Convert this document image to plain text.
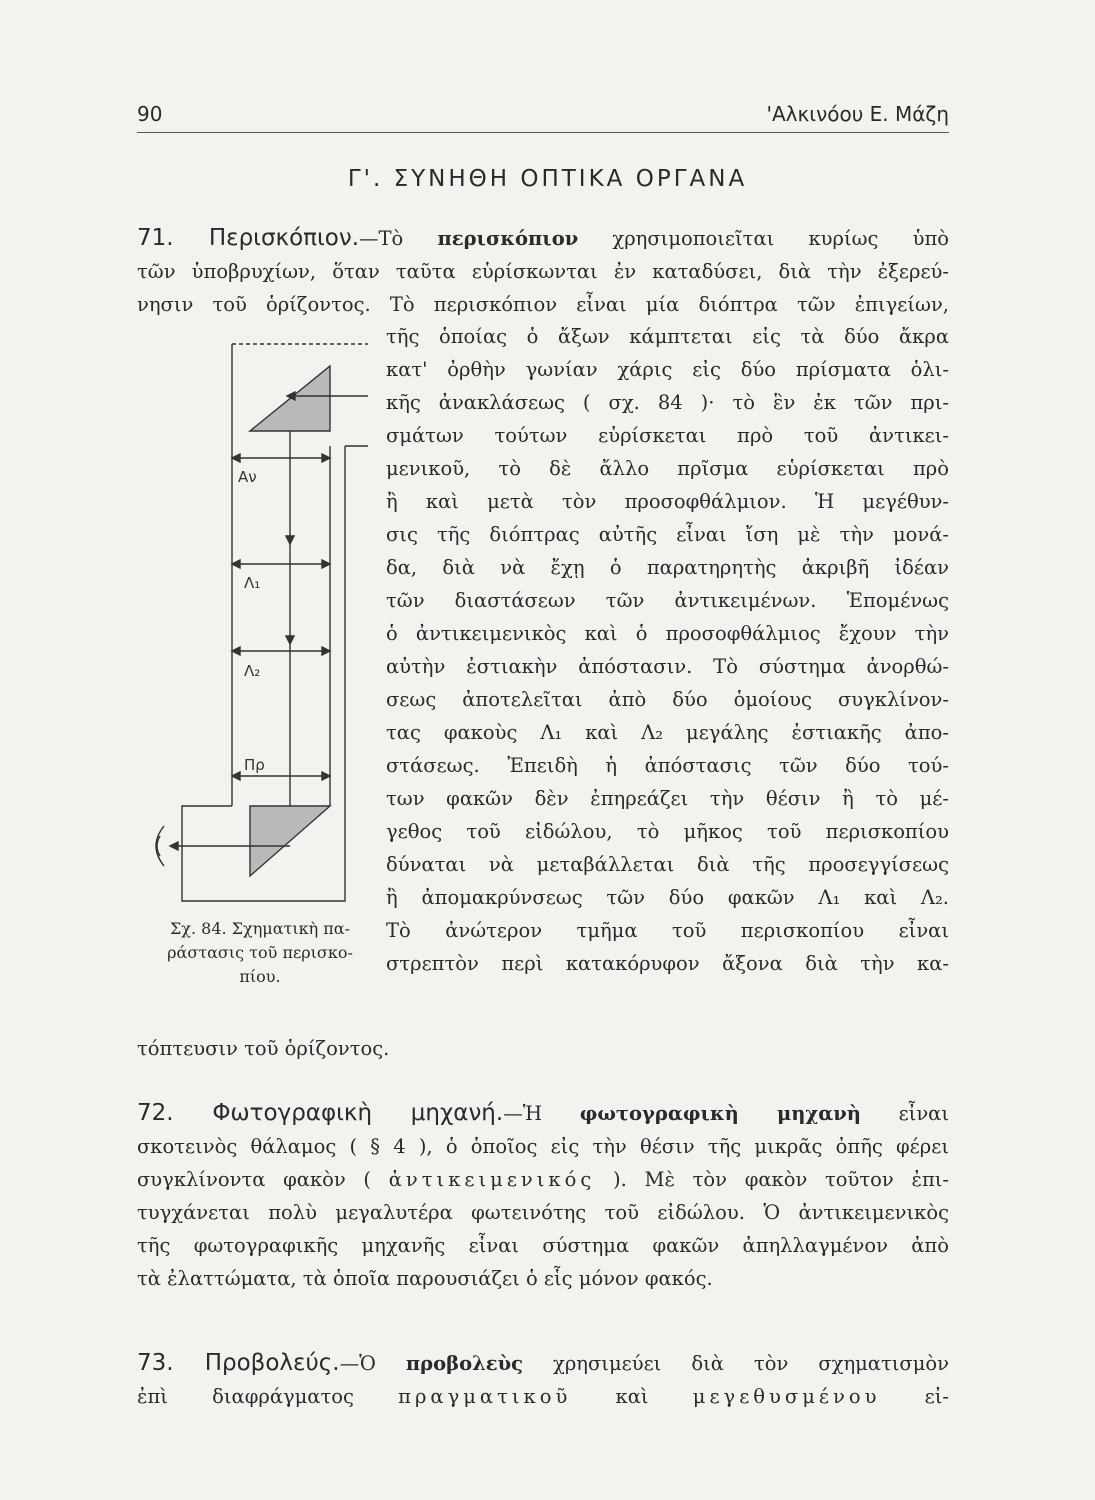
90	'Αλκινόου Ε. Μάζη
Γ'. ΣΥΝΗΘΗ ΟΠΤΙΚΑ ΟΡΓΑΝΑ
71. Περισκόπιον.—Τὸ περισκόπιον χρησιμοποιεῖται κυρίως ὑπὸ
τῶν ὑποβρυχίων, ὅταν ταῦτα εὑρίσκωνται ἐν καταδύσει, διὰ τὴν ἐξερεύ-
νησιν τοῦ ὁρίζοντος. Τὸ περισκόπιον εἶναι μία διόπτρα τῶν ἐπιγείων,
τῆς ὁποίας ὁ ἄξων κάμπτεται εἰς τὰ δύο ἄκρα
κατ' ὀρθὴν γωνίαν χάρις εἰς δύο πρίσματα ὁλι-
κῆς ἀνακλάσεως ( σχ. 84 )· τὸ ἓν ἐκ τῶν πρι-
σμάτων τούτων εὑρίσκεται πρὸ τοῦ ἀντικει-
μενικοῦ, τὸ δὲ ἄλλο πρῖσμα εὑρίσκεται πρὸ
ἢ καὶ μετὰ τὸν προσοφθάλμιον. Ἡ μεγέθυν-
σις τῆς διόπτρας αὐτῆς εἶναι ἴση μὲ τὴν μονά-
δα, διὰ νὰ ἔχῃ ὁ παρατηρητὴς ἀκριβῆ ἰδέαν
τῶν διαστάσεων τῶν ἀντικειμένων. Ἑπομένως
ὁ ἀντικειμενικὸς καὶ ὁ προσοφθάλμιος ἔχουν τὴν
αὐτὴν ἐστιακὴν ἀπόστασιν. Τὸ σύστημα ἀνορθώ-
σεως ἀποτελεῖται ἀπὸ δύο ὁμοίους συγκλίνον-
τας φακοὺς Λ₁ καὶ Λ₂ μεγάλης ἐστιακῆς ἀπο-
στάσεως. Ἐπειδὴ ἡ ἀπόστασις τῶν δύο τού-
των φακῶν δὲν ἐπηρεάζει τὴν θέσιν ἢ τὸ μέ-
γεθος τοῦ εἰδώλου, τὸ μῆκος τοῦ περισκοπίου
δύναται νὰ μεταβάλλεται διὰ τῆς προσεγγίσεως
ἢ ἀπομακρύνσεως τῶν δύο φακῶν Λ₁ καὶ Λ₂.
Τὸ ἀνώτερον τμῆμα τοῦ περισκοπίου εἶναι
στρεπτὸν περὶ κατακόρυφον ἄξονα διὰ τὴν κα-
Αν
Λ₁
Λ₂
Πρ
Σχ. 84. Σχηματικὴ πα-
ράστασις τοῦ περισκο-
πίου.
τόπτευσιν τοῦ ὁρίζοντος.
72. Φωτογραφικὴ μηχανή.—Ἡ φωτογραφικὴ μηχανὴ εἶναι
σκοτεινὸς θάλαμος ( § 4 ), ὁ ὁποῖος εἰς τὴν θέσιν τῆς μικρᾶς ὀπῆς φέρει
συγκλίνοντα φακὸν ( ἀντικειμενικός ). Μὲ τὸν φακὸν τοῦτον ἐπι-
τυγχάνεται πολὺ μεγαλυτέρα φωτεινότης τοῦ εἰδώλου. Ὁ ἀντικειμενικὸς
τῆς φωτογραφικῆς μηχανῆς εἶναι σύστημα φακῶν ἀπηλλαγμένον ἀπὸ
τὰ ἐλαττώματα, τὰ ὁποῖα παρουσιάζει ὁ εἷς μόνον φακός.
73. Προβολεύς.—Ὁ προβολεὺς χρησιμεύει διὰ τὸν σχηματισμὸν
ἐπὶ διαφράγματος πραγματικοῦ καὶ μεγεθυσμένου εἰ-
